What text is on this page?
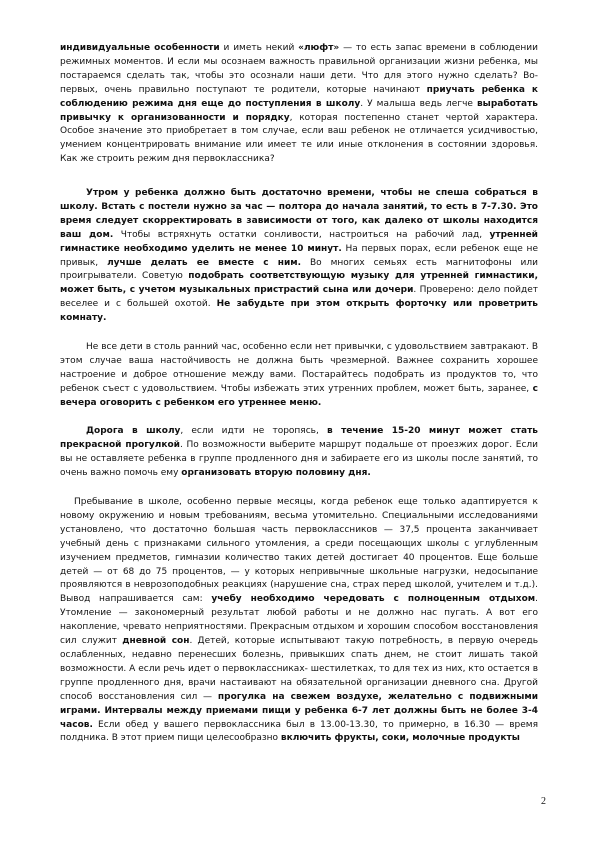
индивидуальные особенности и иметь некий «люфт» — то есть запас времени в соблюдении режимных моментов. И если мы осознаем важность правильной организации жизни ребенка, мы постараемся сделать так, чтобы это осознали наши дети. Что для этого нужно сделать? Во-первых, очень правильно поступают те родители, которые начинают приучать ребенка к соблюдению режима дня еще до поступления в школу. У малыша ведь легче выработать привычку к организованности и порядку, которая постепенно станет чертой характера. Особое значение это приобретает в том случае, если ваш ребенок не отличается усидчивостью, умением концентрировать внимание или имеет те или иные отклонения в состоянии здоровья. Как же строить режим дня первоклассника?

Утром у ребенка должно быть достаточно времени, чтобы не спеша собраться в школу. Встать с постели нужно за час — полтора до начала занятий, то есть в 7-7.30. Это время следует скорректировать в зависимости от того, как далеко от школы находится ваш дом. Чтобы встряхнуть остатки сонливости, настроиться на рабочий лад, утренней гимнастике необходимо уделить не менее 10 минут. На первых порах, если ребенок еще не привык, лучше делать ее вместе с ним. Во многих семьях есть магнитофоны или проигрыватели. Советую подобрать соответствующую музыку для утренней гимнастики, может быть, с учетом музыкальных пристрастий сына или дочери. Проверено: дело пойдет веселее и с большей охотой. Не забудьте при этом открыть форточку или проветрить комнату.

Не все дети в столь ранний час, особенно если нет привычки, с удовольствием завтракают. В этом случае ваша настойчивость не должна быть чрезмерной. Важнее сохранить хорошее настроение и доброе отношение между вами. Постарайтесь подобрать из продуктов то, что ребенок съест с удовольствием. Чтобы избежать этих утренних проблем, может быть, заранее, с вечера оговорить с ребенком его утреннее меню.

Дорога в школу, если идти не торопясь, в течение 15-20 минут может стать прекрасной прогулкой. По возможности выберите маршрут подальше от проезжих дорог. Если вы не оставляете ребенка в группе продленного дня и забираете его из школы после занятий, то очень важно помочь ему организовать вторую половину дня.

Пребывание в школе, особенно первые месяцы, когда ребенок еще только адаптируется к новому окружению и новым требованиям, весьма утомительно. Специальными исследованиями установлено, что достаточно большая часть первоклассников — 37,5 процента заканчивает учебный день с признаками сильного утомления, а среди посещающих школы с углубленным изучением предметов, гимназии количество таких детей достигает 40 процентов. Еще больше детей — от 68 до 75 процентов, — у которых непривычные школьные нагрузки, недосыпание проявляются в неврозоподобных реакциях (нарушение сна, страх перед школой, учителем и т.д.). Вывод напрашивается сам: учебу необходимо чередовать с полноценным отдыхом. Утомление — закономерный результат любой работы и не должно нас пугать. А вот его накопление, чревато неприятностями. Прекрасным отдыхом и хорошим способом восстановления сил служит дневной сон. Детей, которые испытывают такую потребность, в первую очередь ослабленных, недавно перенесших болезнь, привыкших спать днем, не стоит лишать такой возможности. А если речь идет о первоклассниках- шестилетках, то для тех из них, кто остается в группе продленного дня, врачи настаивают на обязательной организации дневного сна. Другой способ восстановления сил — прогулка на свежем воздухе, желательно с подвижными играми. Интервалы между приемами пищи у ребенка 6-7 лет должны быть не более 3-4 часов. Если обед у вашего первоклассника был в 13.00-13.30, то примерно, в 16.30 — время полдника. В этот прием пищи целесообразно включить фрукты, соки, молочные продукты

2
